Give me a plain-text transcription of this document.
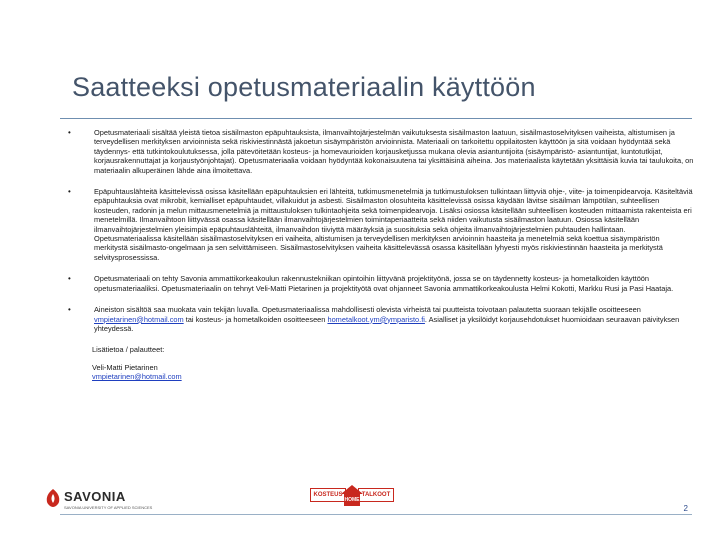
Saatteeksi opetusmateriaalin käyttöön
•	Opetusmateriaali sisältää yleistä tietoa sisäilmaston epäpuhtauksista, ilmanvaihtojärjestelmän vaikutuksesta sisäilmaston laatuun, sisäilmastoselvityksen vaiheista, altistumisen ja terveydellisen merkityksen arvioinnista sekä riskiviestinnästä jakoetun sisäympäristön arvioinnista. Materiaali on tarkoitettu oppilaitosten käyttöön ja sitä voidaan hyödyntää sekä täydennys- että tutkintokoulutuksessa, jolla pätevöitetään kosteus- ja homevaurioiden korjausketjussa mukana olevia asiantuntijoita (sisäympäristö- asiantuntijat, kuntotutkijat, korjausrakennuttajat ja korjaustyönjohtajat). Opetusmateriaalia voidaan hyödyntää kokonaisuutena tai yksittäisinä aiheina. Jos materiaalista käytetään yksittäisiä kuvia tai taulukoita, on materiaalin alkuperäinen lähde aina ilmoitettava.
•	Epäpuhtauslähteitä käsittelevissä osissa käsitellään epäpuhtauksien eri lähteitä, tutkimusmenetelmiä ja tutkimustuloksen tulkintaan liittyviä ohje-, viite- ja toimenpidearvoja. Käsiteltäviä epäpuhtauksia ovat mikrobit, kemialliset epäpuhtaudet, villakuidut ja asbesti. Sisäilmaston olosuhteita käsittelevissä osissa käydään lävitse sisäilman lämpötilan, suhteellisen kosteuden, radonin ja melun mittausmenetelmiä ja mittaustuloksen tulkintaohjeita sekä toimenpidearvoja. Lisäksi osiossa käsitellään suhteellisen kosteuden mittaamista rakenteista eri menetelmillä. Ilmanvaihtoon liittyvässä osassa käsitellään ilmanvaihtojärjestelmien toimintaperiaatteita sekä niiden vaikutusta sisäilmaston laatuun. Osiossa käsitellään ilmanvaihtojärjestelmien yleisimpiä epäpuhtauslähteitä, ilmanvaihdon tiiviyttä määräyksiä ja suosituksia sekä ohjeita ilmanvaihtojärjestelmien puhtauden hallintaan. Opetusmateriaalissa käsitellään sisäilmastoselvityksen eri vaiheita, altistumisen ja terveydellisen merkityksen arvioinnin haasteita ja menetelmiä sekä koettua sisäympäristön merkitystä sisäilmasto-ongelmaan ja sen selvittämiseen. Sisäilmastoselvityksen vaiheita käsittelevässä osassa käsitellään lyhyesti myös riskiviestinnän haasteita ja merkitystä selvitysprosessissa.
•	Opetusmateriaali on tehty Savonia ammattikorkeakoulun rakennustekniikan opintoihin liittyvänä projektityönä, jossa se on täydennetty kosteus- ja hometalkoiden käyttöön opetusmateriaaliksi. Opetusmateriaalin on tehnyt Veli-Matti Pietarinen ja projektityötä ovat ohjanneet Savonia ammattikorkeakoulusta Helmi Kokotti, Markku Rusi ja Pasi Haataja.
•	Aineiston sisältöä saa muokata vain tekijän luvalla. Opetusmateriaalissa mahdollisesti olevista virheistä tai puutteista toivotaan palautetta suoraan tekijälle osoitteeseen vmpietarinen@hotmail.com tai kosteus- ja hometalkoiden osoitteeseen hometalkoot.ym@ymparisto.fi. Asialliset ja yksilöidyt korjausehdotukset huomioidaan seuraavan päivityksen yhteydessä.
Lisätietoa / palautteet:
Veli-Matti Pietarinen
vmpietarinen@hotmail.com
SAVONIA
SAVONIA UNIVERSITY OF APPLIED SCIENCES
KOSTEUS	TALKOOT
HOME
2
